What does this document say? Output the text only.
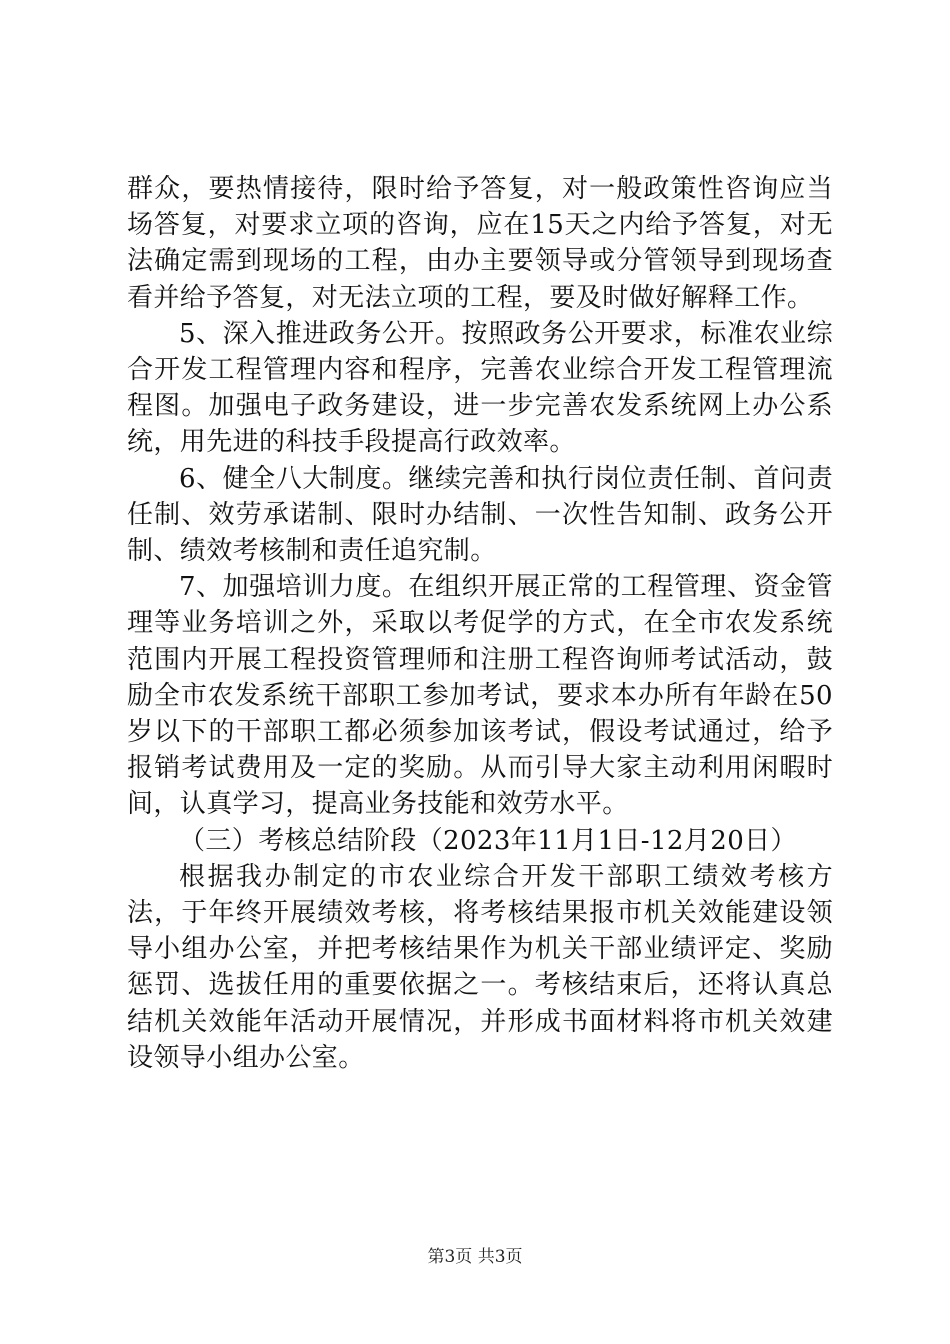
群众，要热情接待，限时给予答复，对一般政策性咨询应当场答复，对要求立项的咨询，应在15天之内给予答复，对无法确定需到现场的工程，由办主要领导或分管领导到现场查看并给予答复，对无法立项的工程，要及时做好解释工作。

5、深入推进政务公开。按照政务公开要求，标准农业综合开发工程管理内容和程序，完善农业综合开发工程管理流程图。加强电子政务建设，进一步完善农发系统网上办公系统，用先进的科技手段提高行政效率。

6、健全八大制度。继续完善和执行岗位责任制、首问责任制、效劳承诺制、限时办结制、一次性告知制、政务公开制、绩效考核制和责任追究制。

7、加强培训力度。在组织开展正常的工程管理、资金管理等业务培训之外，采取以考促学的方式，在全市农发系统范围内开展工程投资管理师和注册工程咨询师考试活动，鼓励全市农发系统干部职工参加考试，要求本办所有年龄在50岁以下的干部职工都必须参加该考试，假设考试通过，给予报销考试费用及一定的奖励。从而引导大家主动利用闲暇时间，认真学习，提高业务技能和效劳水平。

（三）考核总结阶段（2023年11月1日-12月20日）

根据我办制定的市农业综合开发干部职工绩效考核方法，于年终开展绩效考核，将考核结果报市机关效能建设领导小组办公室，并把考核结果作为机关干部业绩评定、奖励惩罚、选拔任用的重要依据之一。考核结束后，还将认真总结机关效能年活动开展情况，并形成书面材料将市机关效建设领导小组办公室。

第3页 共3页
